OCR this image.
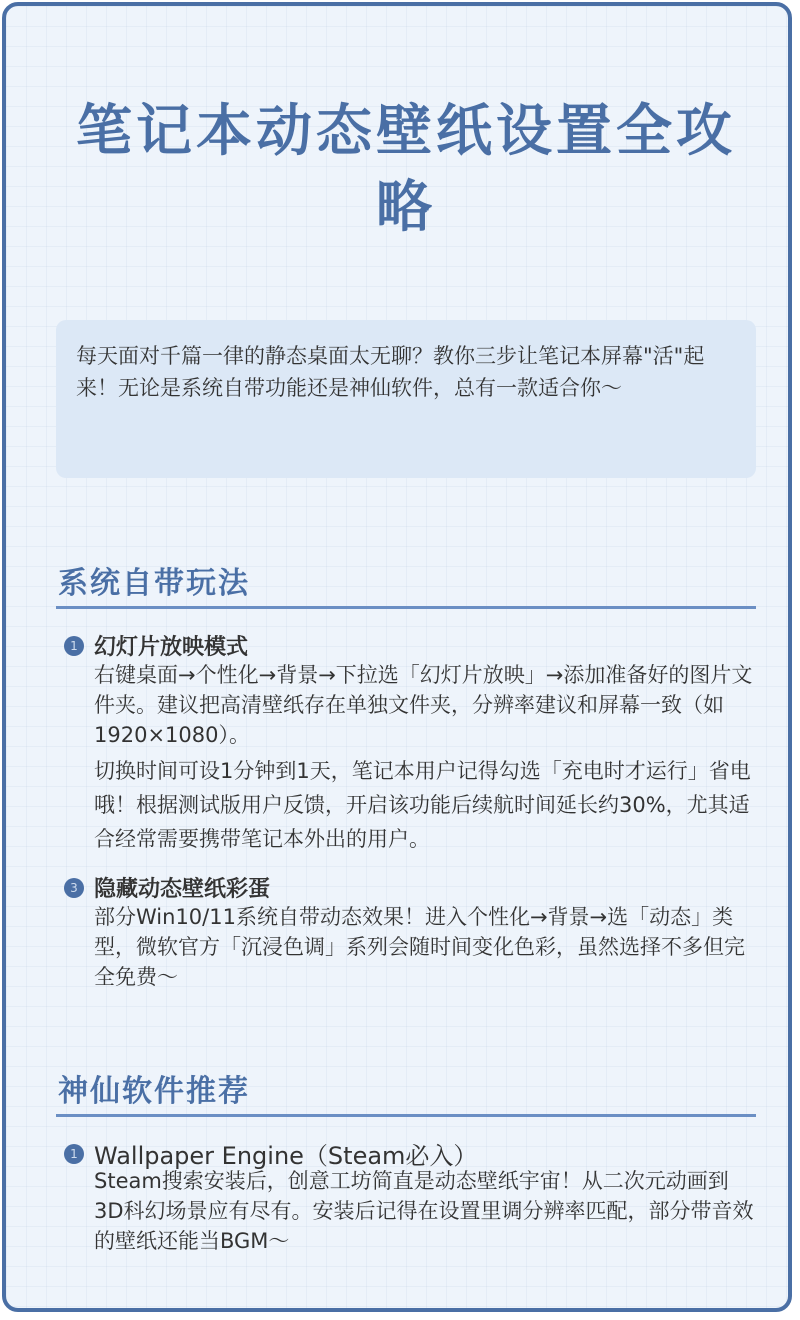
笔记本动态壁纸设置全攻略
每天面对千篇一律的静态桌面太无聊？教你三步让笔记本屏幕"活"起来！无论是系统自带功能还是神仙软件，总有一款适合你～
系统自带玩法
1 幻灯片放映模式
右键桌面→个性化→背景→下拉选「幻灯片放映」→添加准备好的图片文件夹。建议把高清壁纸存在单独文件夹，分辨率建议和屏幕一致（如1920×1080）。
切换时间可设1分钟到1天，笔记本用户记得勾选「充电时才运行」省电哦！根据测试版用户反馈，开启该功能后续航时间延长约30%，尤其适合经常需要携带笔记本外出的用户。
3 隐藏动态壁纸彩蛋
部分Win10/11系统自带动态效果！进入个性化→背景→选「动态」类型，微软官方「沉浸色调」系列会随时间变化色彩，虽然选择不多但完全免费～
神仙软件推荐
1 Wallpaper Engine（Steam必入）
Steam搜索安装后，创意工坊简直是动态壁纸宇宙！从二次元动画到3D科幻场景应有尽有。安装后记得在设置里调分辨率匹配，部分带音效的壁纸还能当BGM～
